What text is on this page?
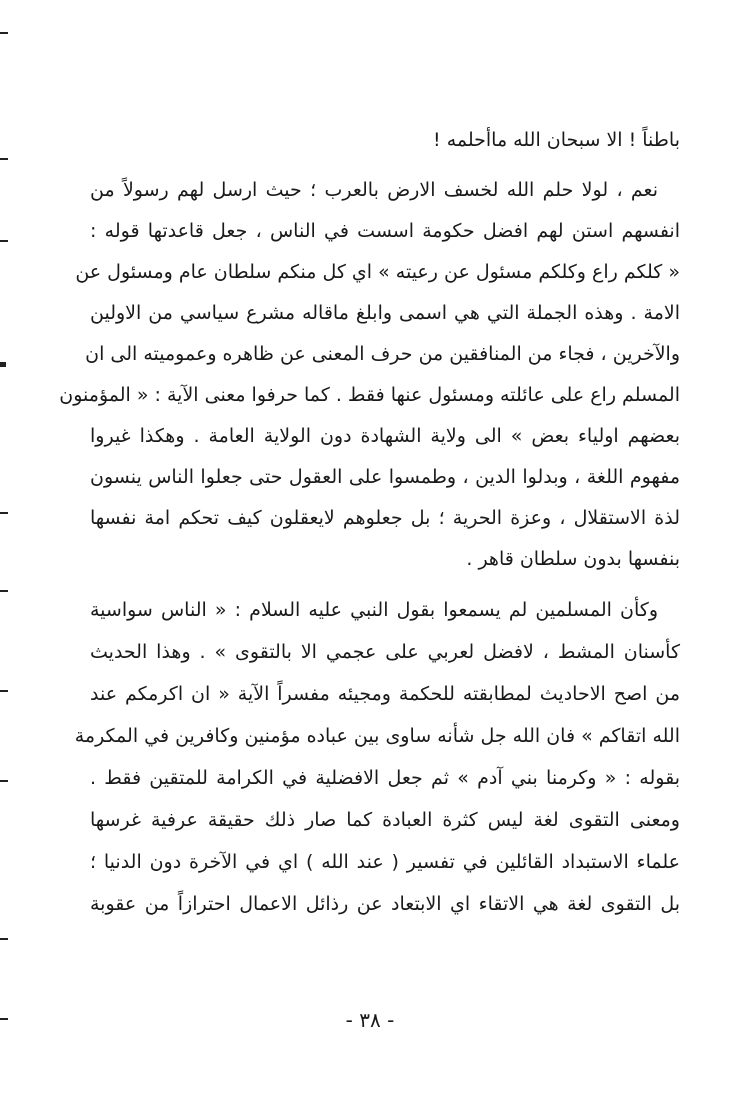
باطناً ! الا سبحان الله ماأحلمه !
نعم ، لولا حلم الله لخسف الارض بالعرب ؛ حيث ارسل لهم رسولاً من
انفسهم استن لهم افضل حكومة اسست في الناس ، جعل قاعدتها قوله :
« كلكم راع وكلكم مسئول عن رعيته » اي كل منكم سلطان عام ومسئول عن
الامة . وهذه الجملة التي هي اسمى وابلغ ماقاله مشرع سياسي من الاولين
والآخرين ، فجاء من المنافقين من حرف المعنى عن ظاهره وعموميته الى ان
المسلم راع على عائلته ومسئول عنها فقط . كما حرفوا معنى الآية : « المؤمنون
بعضهم اولياء بعض » الى ولاية الشهادة دون الولاية العامة . وهكذا غيروا
مفهوم اللغة ، وبدلوا الدين ، وطمسوا على العقول حتى جعلوا الناس ينسون
لذة الاستقلال ، وعزة الحرية ؛ بل جعلوهم لايعقلون كيف تحكم امة نفسها
بنفسها بدون سلطان قاهر .
وكأن المسلمين لم يسمعوا بقول النبي عليه السلام : « الناس سواسية
كأسنان المشط ، لافضل لعربي على عجمي الا بالتقوى » . وهذا الحديث
من اصح الاحاديث لمطابقته للحكمة ومجيئه مفسراً الآية « ان اكرمكم عند
الله اتقاكم » فان الله جل شأنه ساوى بين عباده مؤمنين وكافرين في المكرمة
بقوله : « وكرمنا بني آدم » ثم جعل الافضلية في الكرامة للمتقين فقط .
ومعنى التقوى لغة ليس كثرة العبادة كما صار ذلك حقيقة عرفية غرسها
علماء الاستبداد القائلين في تفسير ( عند الله ) اي في الآخرة دون الدنيا ؛
بل التقوى لغة هي الاتقاء اي الابتعاد عن رذائل الاعمال احترازاً من عقوبة
- ٣٨ -
